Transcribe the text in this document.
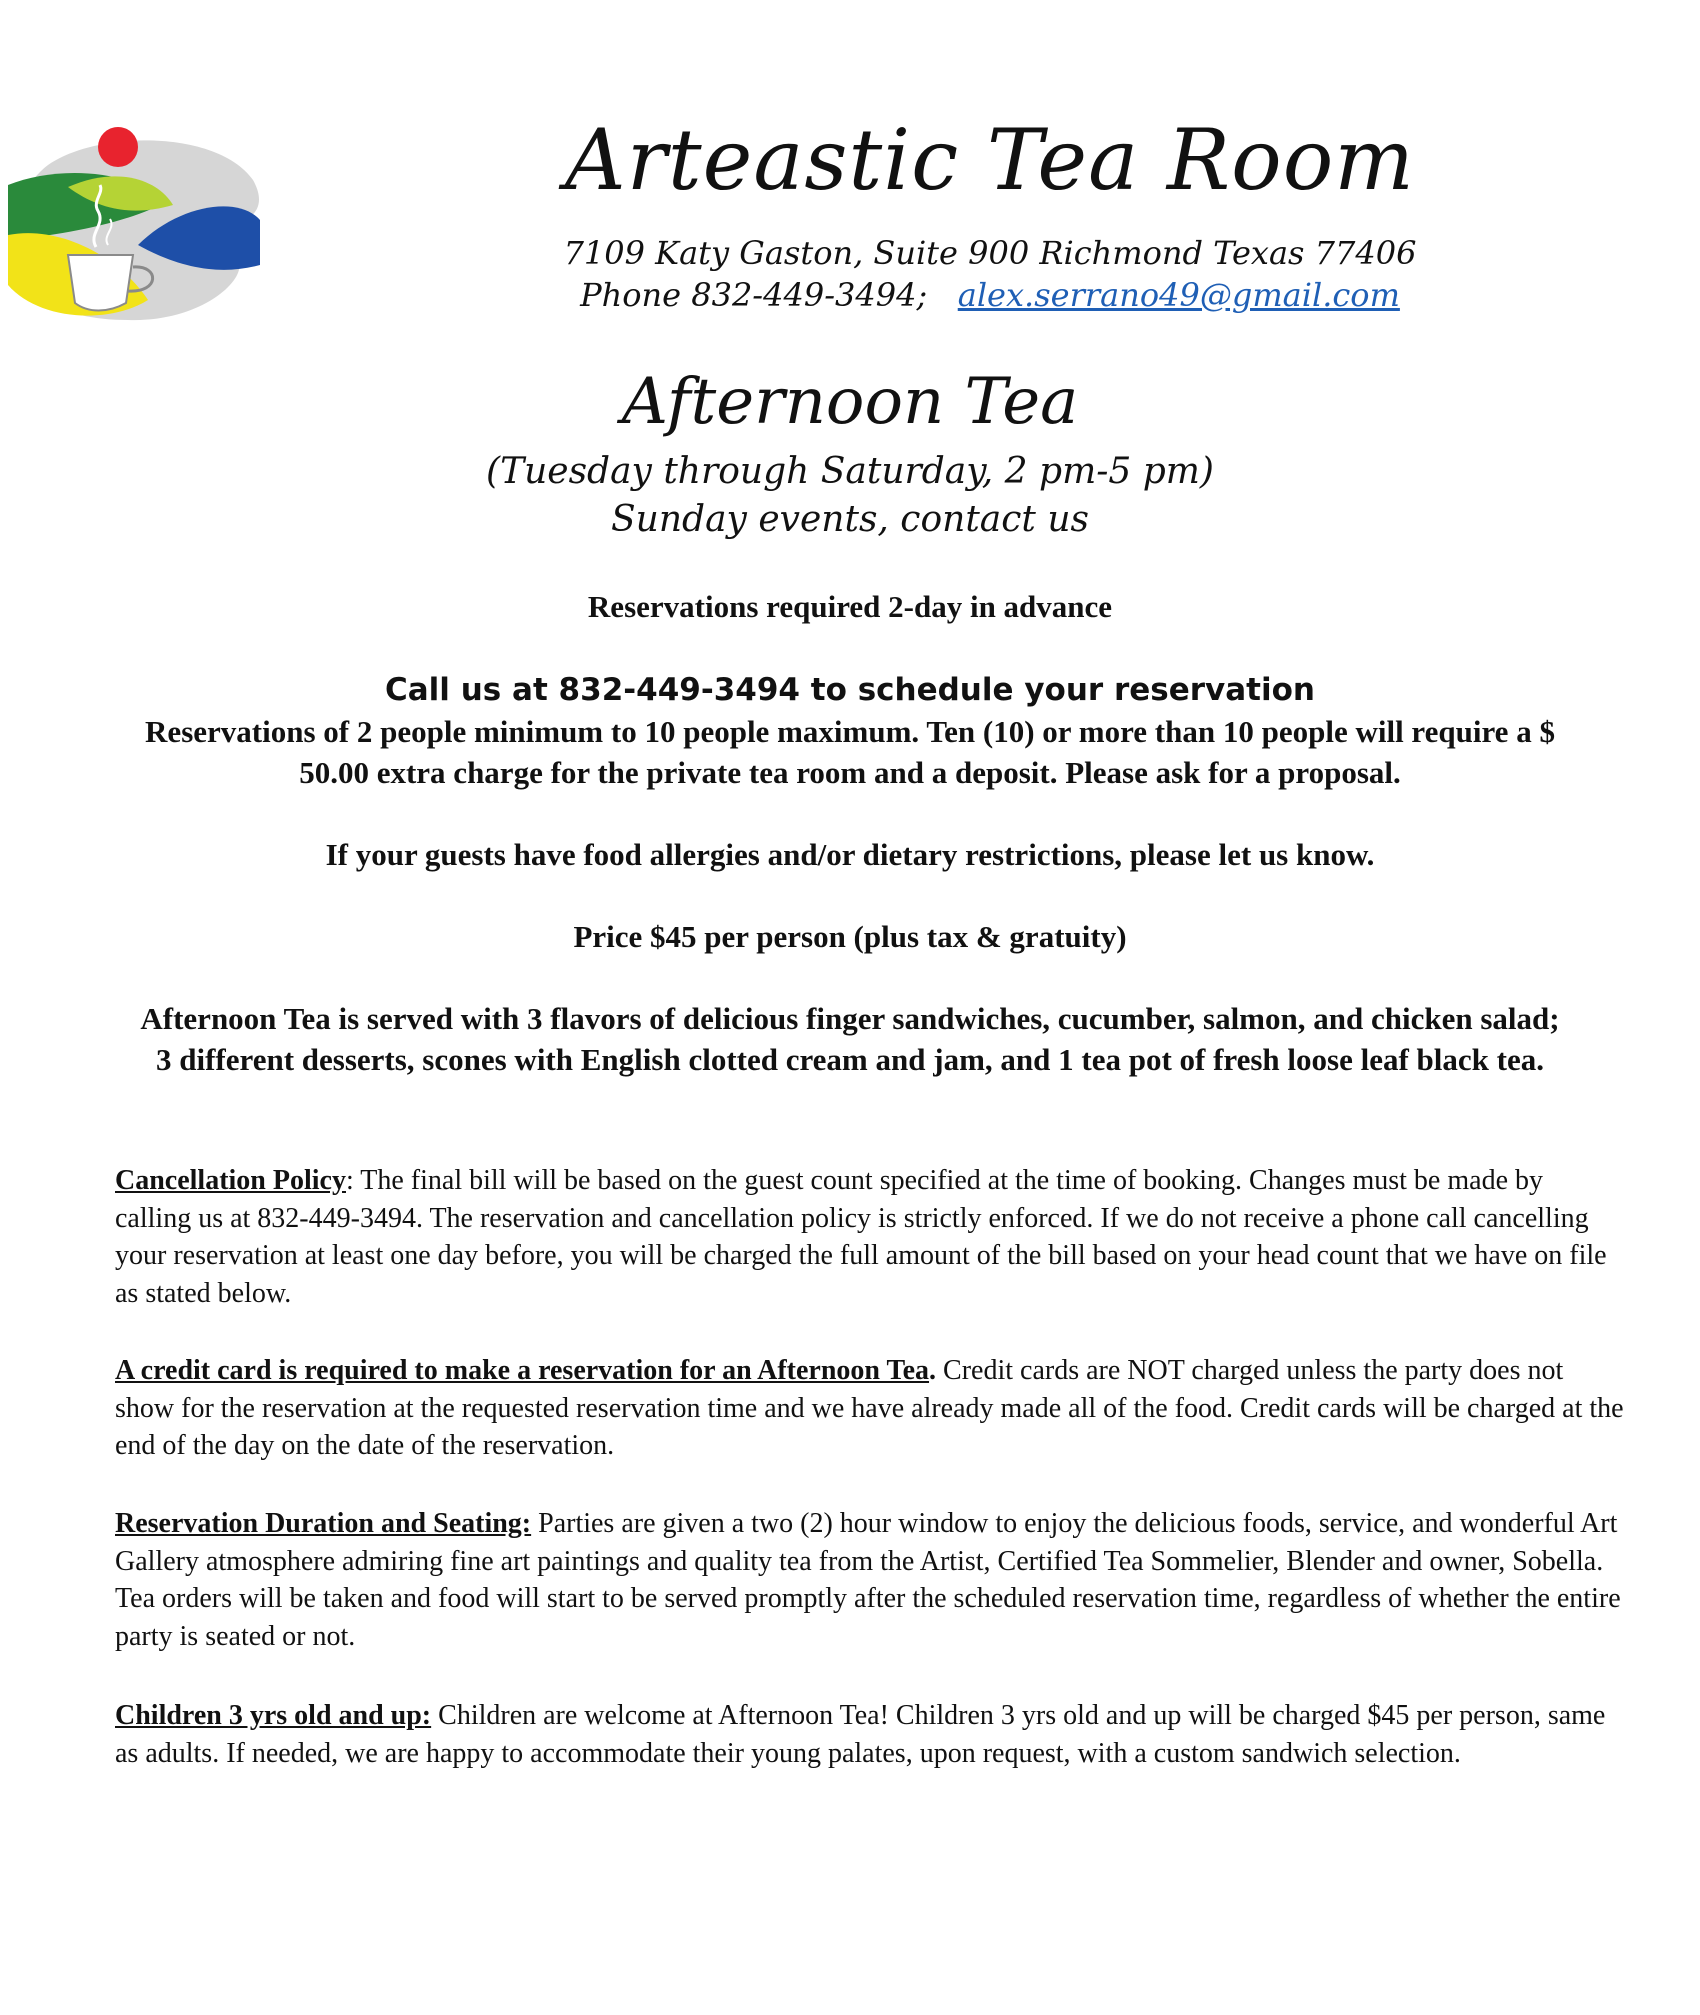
Arteastic Tea Room
7109 Katy Gaston, Suite 900 Richmond Texas 77406
Phone 832-449-3494; alex.serrano49@gmail.com
Afternoon Tea
(Tuesday through Saturday, 2 pm-5 pm)
Sunday events, contact us
Reservations required 2-day in advance
Call us at 832-449-3494 to schedule your reservation
Reservations of 2 people minimum to 10 people maximum. Ten (10) or more than 10 people will require a $ 50.00 extra charge for the private tea room and a deposit. Please ask for a proposal.
If your guests have food allergies and/or dietary restrictions, please let us know.
Price $45 per person (plus tax & gratuity)
Afternoon Tea is served with 3 flavors of delicious finger sandwiches, cucumber, salmon, and chicken salad; 3 different desserts, scones with English clotted cream and jam, and 1 tea pot of fresh loose leaf black tea.
Cancellation Policy: The final bill will be based on the guest count specified at the time of booking. Changes must be made by calling us at 832-449-3494. The reservation and cancellation policy is strictly enforced. If we do not receive a phone call cancelling your reservation at least one day before, you will be charged the full amount of the bill based on your head count that we have on file as stated below.
A credit card is required to make a reservation for an Afternoon Tea. Credit cards are NOT charged unless the party does not show for the reservation at the requested reservation time and we have already made all of the food. Credit cards will be charged at the end of the day on the date of the reservation.
Reservation Duration and Seating: Parties are given a two (2) hour window to enjoy the delicious foods, service, and wonderful Art Gallery atmosphere admiring fine art paintings and quality tea from the Artist, Certified Tea Sommelier, Blender and owner, Sobella. Tea orders will be taken and food will start to be served promptly after the scheduled reservation time, regardless of whether the entire party is seated or not.
Children 3 yrs old and up: Children are welcome at Afternoon Tea! Children 3 yrs old and up will be charged $45 per person, same as adults. If needed, we are happy to accommodate their young palates, upon request, with a custom sandwich selection.
